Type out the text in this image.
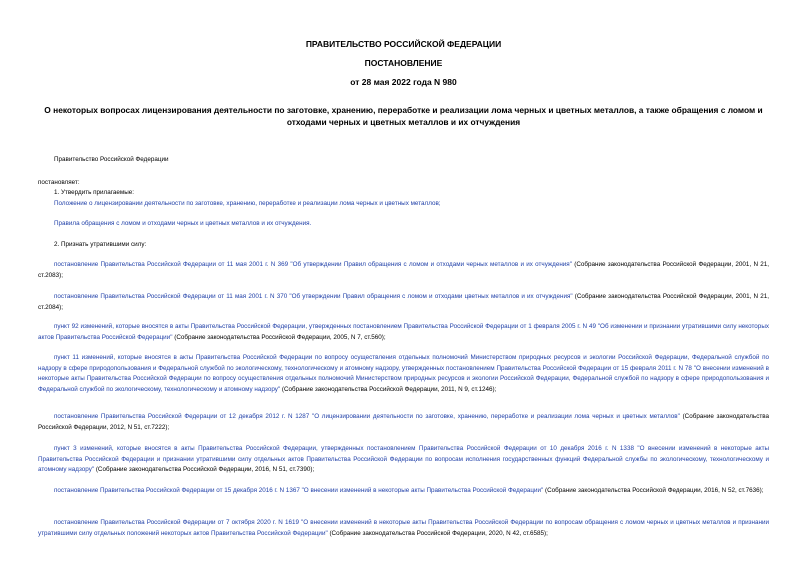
ПРАВИТЕЛЬСТВО РОССИЙСКОЙ ФЕДЕРАЦИИ
ПОСТАНОВЛЕНИЕ
от 28 мая 2022 года N 980
О некоторых вопросах лицензирования деятельности по заготовке, хранению, переработке и реализации лома черных и цветных металлов, а также обращения с ломом и отходами черных и цветных металлов и их отчуждения
Правительство Российской Федерации
постановляет:
1. Утвердить прилагаемые:
Положение о лицензировании деятельности по заготовке, хранению, переработке и реализации лома черных и цветных металлов;
Правила обращения с ломом и отходами черных и цветных металлов и их отчуждения.
2. Признать утратившими силу:
постановление Правительства Российской Федерации от 11 мая 2001 г. N 369 "Об утверждении Правил обращения с ломом и отходами черных металлов и их отчуждения" (Собрание законодательства Российской Федерации, 2001, N 21, ст.2083);
постановление Правительства Российской Федерации от 11 мая 2001 г. N 370 "Об утверждении Правил обращения с ломом и отходами цветных металлов и их отчуждения" (Собрание законодательства Российской Федерации, 2001, N 21, ст.2084);
пункт 92 изменений, которые вносятся в акты Правительства Российской Федерации, утвержденных постановлением Правительства Российской Федерации от 1 февраля 2005 г. N 49 "Об изменении и признании утратившими силу некоторых актов Правительства Российской Федерации" (Собрание законодательства Российской Федерации, 2005, N 7, ст.560);
пункт 11 изменений, которые вносятся в акты Правительства Российской Федерации по вопросу осуществления отдельных полномочий Министерством природных ресурсов и экологии Российской Федерации, Федеральной службой по надзору в сфере природопользования и Федеральной службой по экологическому, технологическому и атомному надзору, утвержденных постановлением Правительства Российской Федерации от 15 февраля 2011 г. N 78 "О внесении изменений в некоторые акты Правительства Российской Федерации по вопросу осуществления отдельных полномочий Министерством природных ресурсов и экологии Российской Федерации, Федеральной службой по надзору в сфере природопользования и Федеральной службой по экологическому, технологическому и атомному надзору" (Собрание законодательства Российской Федерации, 2011, N 9, ст.1246);
постановление Правительства Российской Федерации от 12 декабря 2012 г. N 1287 "О лицензировании деятельности по заготовке, хранению, переработке и реализации лома черных и цветных металлов" (Собрание законодательства Российской Федерации, 2012, N 51, ст.7222);
пункт 3 изменений, которые вносятся в акты Правительства Российской Федерации, утвержденных постановлением Правительства Российской Федерации от 10 декабря 2016 г. N 1338 "О внесении изменений в некоторые акты Правительства Российской Федерации и признании утратившими силу отдельных актов Правительства Российской Федерации по вопросам исполнения государственных функций Федеральной службы по экологическому, технологическому и атомному надзору" (Собрание законодательства Российской Федерации, 2016, N 51, ст.7390);
постановление Правительства Российской Федерации от 15 декабря 2016 г. N 1367 "О внесении изменений в некоторые акты Правительства Российской Федерации" (Собрание законодательства Российской Федерации, 2016, N 52, ст.7636);
постановление Правительства Российской Федерации от 7 октября 2020 г. N 1619 "О внесении изменений в некоторые акты Правительства Российской Федерации по вопросам обращения с ломом черных и цветных металлов и признании утратившими силу отдельных положений некоторых актов Правительства Российской Федерации" (Собрание законодательства Российской Федерации, 2020, N 42, ст.6585);
